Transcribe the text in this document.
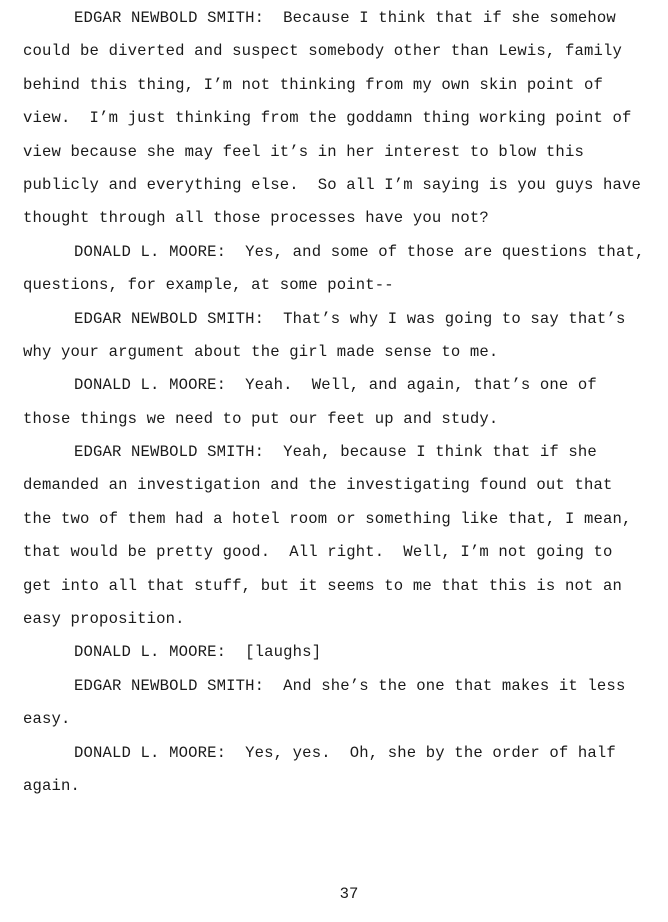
EDGAR NEWBOLD SMITH:  Because I think that if she somehow
could be diverted and suspect somebody other than Lewis, family
behind this thing, I’m not thinking from my own skin point of
view.  I’m just thinking from the goddamn thing working point of
view because she may feel it’s in her interest to blow this
publicly and everything else.  So all I’m saying is you guys have
thought through all those processes have you not?
DONALD L. MOORE:  Yes, and some of those are questions that,
questions, for example, at some point--
EDGAR NEWBOLD SMITH:  That’s why I was going to say that’s
why your argument about the girl made sense to me.
DONALD L. MOORE:  Yeah.  Well, and again, that’s one of
those things we need to put our feet up and study.
EDGAR NEWBOLD SMITH:  Yeah, because I think that if she
demanded an investigation and the investigating found out that
the two of them had a hotel room or something like that, I mean,
that would be pretty good.  All right.  Well, I’m not going to
get into all that stuff, but it seems to me that this is not an
easy proposition.
DONALD L. MOORE:  [laughs]
EDGAR NEWBOLD SMITH:  And she’s the one that makes it less
easy.
DONALD L. MOORE:  Yes, yes.  Oh, she by the order of half
again.
37
